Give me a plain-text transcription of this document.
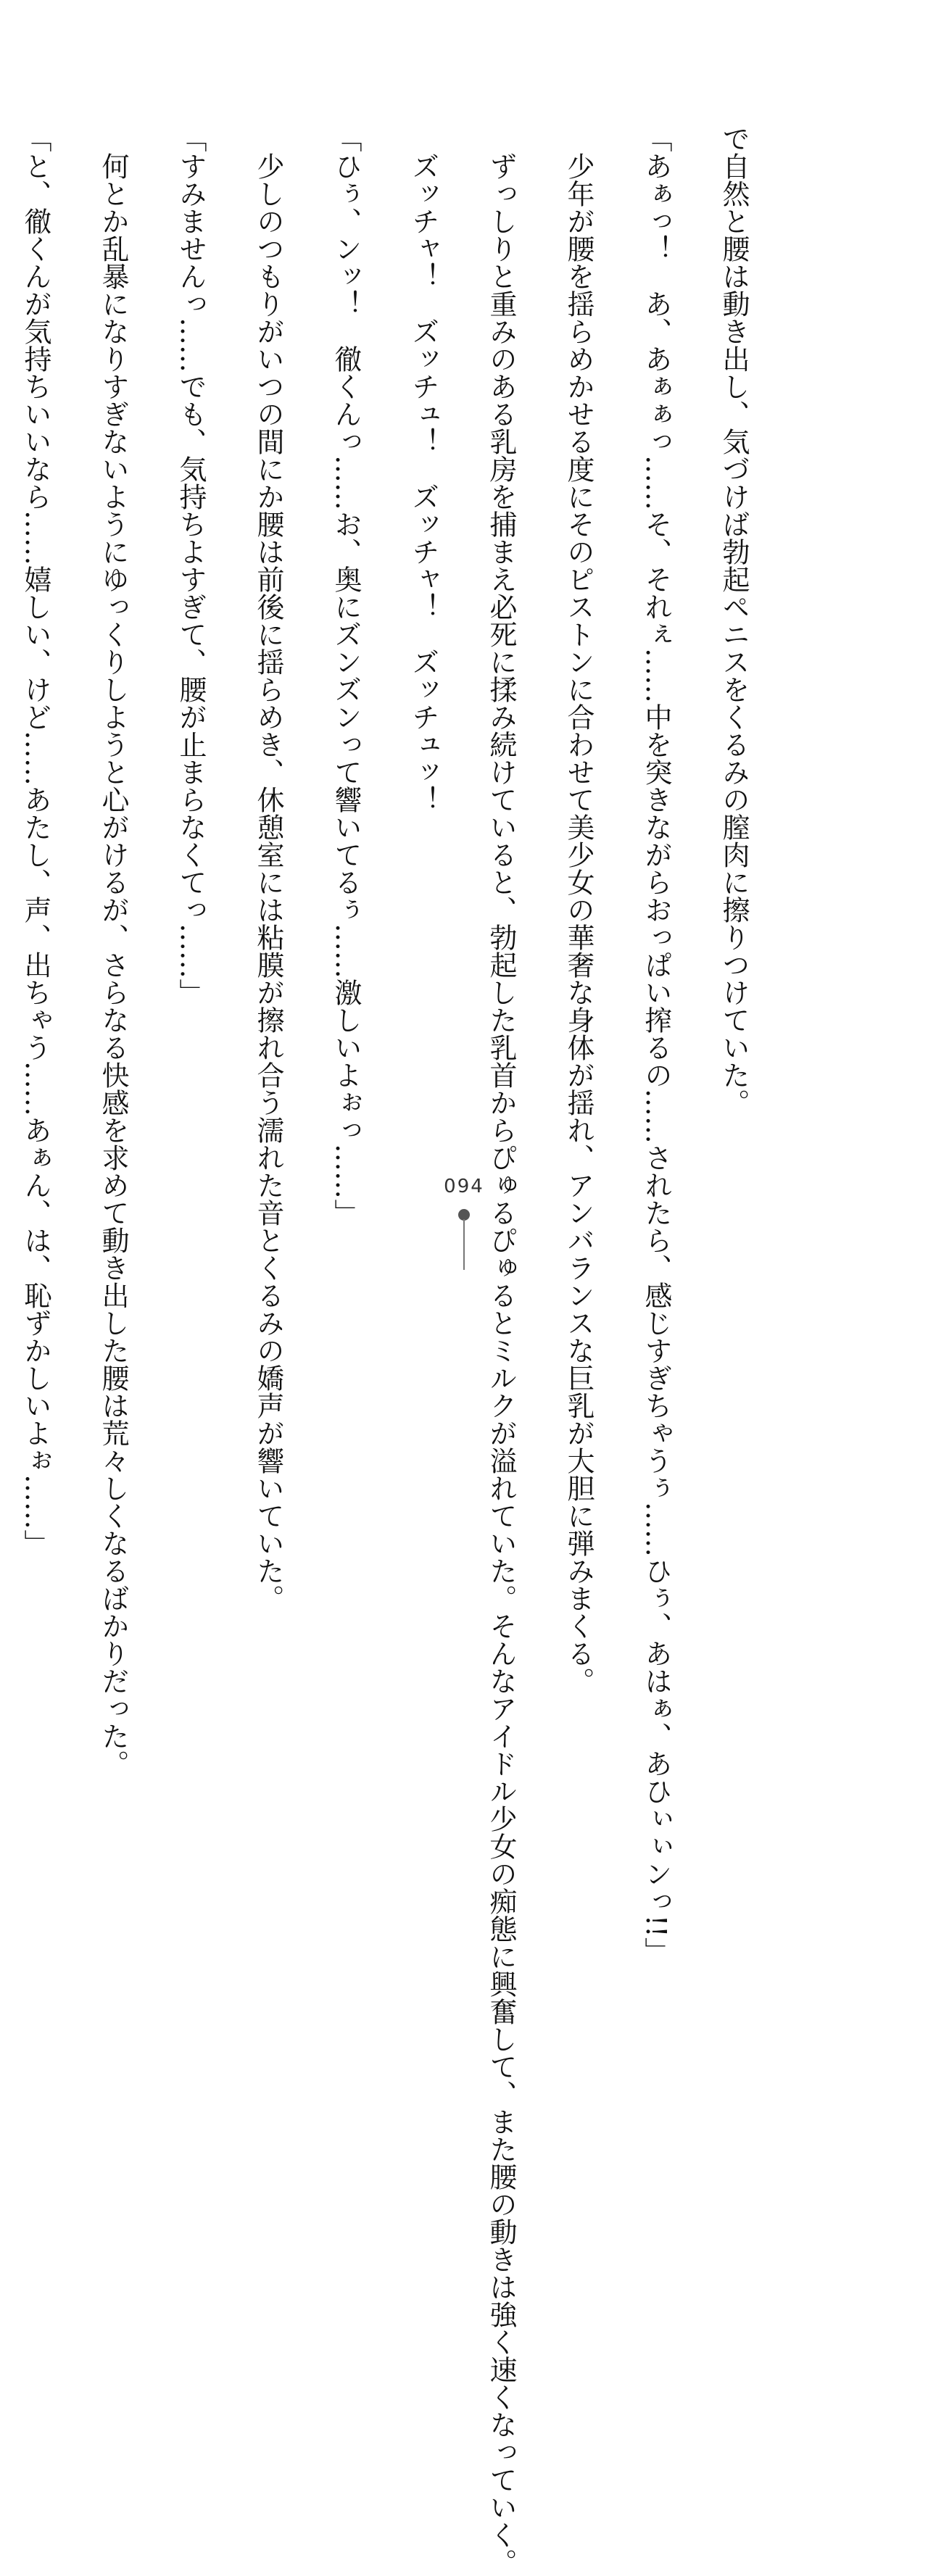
で自然と腰は動き出し、気づけば勃起ペニスをくるみの膣肉に擦りつけていた。
「あぁっ！　あ、あぁぁっ……そ、それぇ……中を突きながらおっぱい搾るの……されたら、感じすぎちゃうぅ……ひぅ、あはぁ、あひぃぃンっ!!」
　少年が腰を揺らめかせる度にそのピストンに合わせて美少女の華奢な身体が揺れ、アンバランスな巨乳が大胆に弾みまくる。
　ずっしりと重みのある乳房を捕まえ必死に揉み続けていると、勃起した乳首からぴゅるぴゅるとミルクが溢れていた。そんなアイドル少女の痴態に興奮して、また腰の動きは強く速くなっていく。
　ズッチャ！　ズッチュ！　ズッチャ！　ズッチュッ！
「ひぅ、ンッ！　徹くんっ……お、奥にズンズンって響いてるぅ……激しいよぉっ……」
　少しのつもりがいつの間にか腰は前後に揺らめき、休憩室には粘膜が擦れ合う濡れた音とくるみの嬌声が響いていた。
「すみませんっ……でも、気持ちよすぎて、腰が止まらなくてっ……」
　何とか乱暴になりすぎないようにゆっくりしようと心がけるが、さらなる快感を求めて動き出した腰は荒々しくなるばかりだった。
「と、徹くんが気持ちいいなら……嬉しい、けど……あたし、声、出ちゃう……あぁん、は、恥ずかしいよぉ……」	094
